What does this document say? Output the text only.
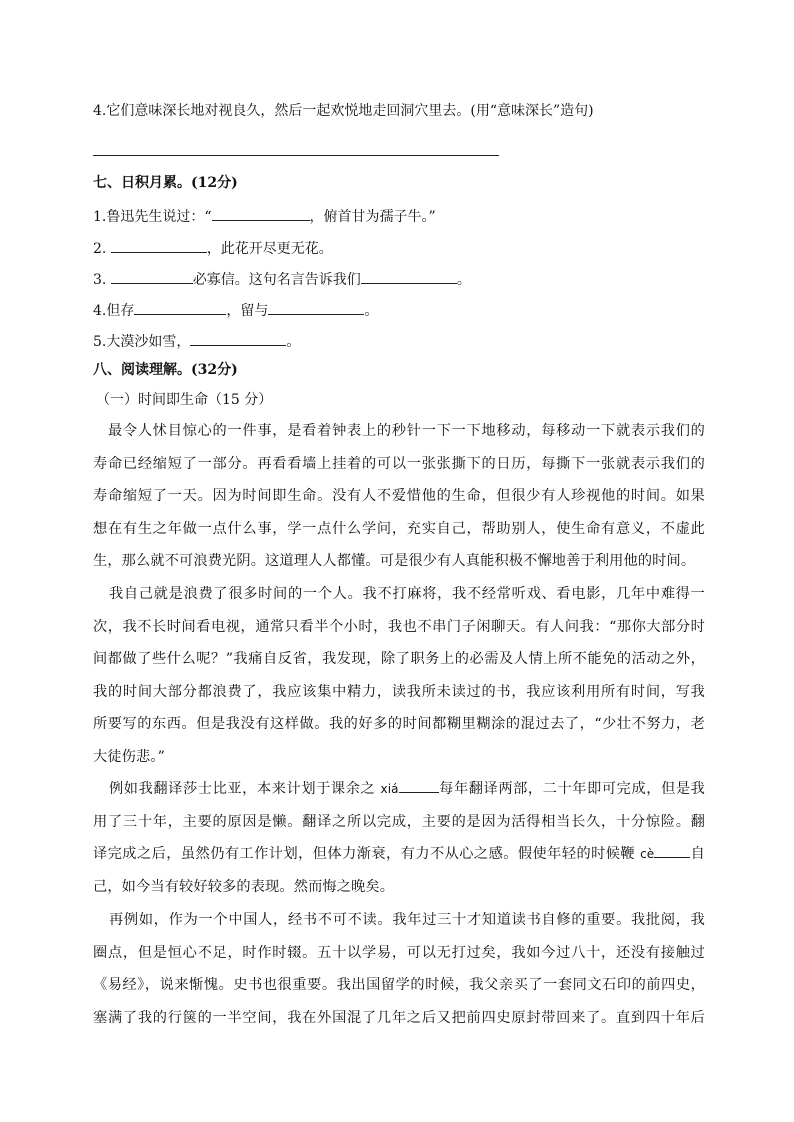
4.它们意味深长地对视良久，然后一起欢悦地走回洞穴里去。(用“意味深长”造句)
七、日积月累。(12分)
1.鲁迅先生说过：“	，俯首甘为孺子牛。”
2.	，此花开尽更无花。
3.	必寡信。这句名言告诉我们	。
4.但存	，留与	。
5.大漠沙如雪，	。
八、阅读理解。(32分)
（一）时间即生命（15 分）
　最令人怵目惊心的一件事，是看着钟表上的秒针一下一下地移动，每移动一下就表示我们的
寿命已经缩短了一部分。再看看墙上挂着的可以一张张撕下的日历，每撕下一张就表示我们的
寿命缩短了一天。因为时间即生命。没有人不爱惜他的生命，但很少有人珍视他的时间。如果
想在有生之年做一点什么事，学一点什么学问，充实自己，帮助别人，使生命有意义，不虚此
生，那么就不可浪费光阴。这道理人人都懂。可是很少有人真能积极不懈地善于利用他的时间。
我自己就是浪费了很多时间的一个人。我不打麻将，我不经常听戏、看电影，几年中难得一
次，我不长时间看电视，通常只看半个小时，我也不串门子闲聊天。有人问我：“那你大部分时
间都做了些什么呢？”我痛自反省，我发现，除了职务上的必需及人情上所不能免的活动之外，
我的时间大部分都浪费了，我应该集中精力，读我所未读过的书，我应该利用所有时间，写我
所要写的东西。但是我没有这样做。我的好多的时间都糊里糊涂的混过去了，“少壮不努力，老
大徒伤悲。”
例如我翻译莎士比亚，本来计划于课余之 xiá	每年翻译两部，二十年即可完成，但是我
用了三十年，主要的原因是懒。翻译之所以完成，主要的是因为活得相当长久，十分惊险。翻
译完成之后，虽然仍有工作计划，但体力渐衰，有力不从心之感。假使年轻的时候鞭 cè	自
己，如今当有较好较多的表现。然而悔之晚矣。
再例如，作为一个中国人，经书不可不读。我年过三十才知道读书自修的重要。我批阅，我
圈点，但是恒心不足，时作时辍。五十以学易，可以无打过矣，我如今过八十，还没有接触过
《易经》，说来惭愧。史书也很重要。我出国留学的时候，我父亲买了一套同文石印的前四史，
塞满了我的行箧的一半空间，我在外国混了几年之后又把前四史原封带回来了。直到四十年后
